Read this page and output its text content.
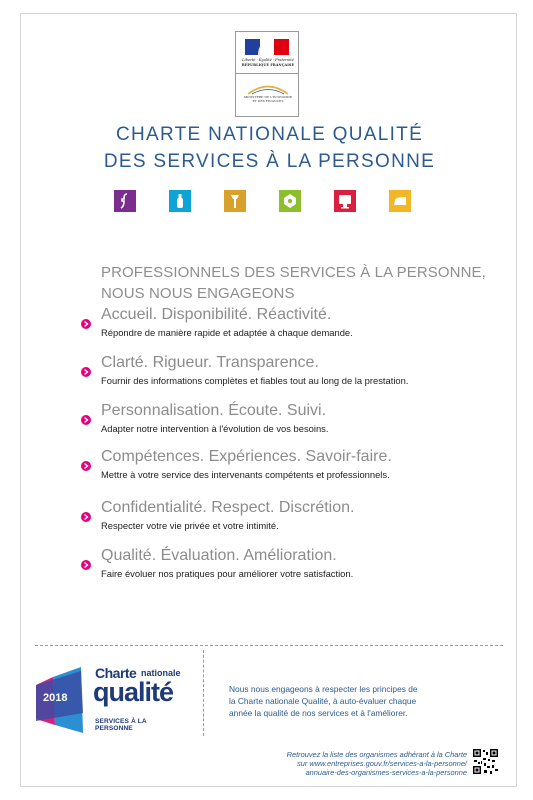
Liberté · Égalité · Fraternité
RÉPUBLIQUE FRANÇAISE
MINISTÈRE DE L'ÉCONOMIE
ET DES FINANCES
CHARTE NATIONALE QUALITÉ
DES SERVICES À LA PERSONNE
PROFESSIONNELS DES SERVICES À LA PERSONNE,
NOUS NOUS ENGAGEONS
Accueil. Disponibilité. Réactivité.
Répondre de manière rapide et adaptée à chaque demande.
Clarté. Rigueur. Transparence.
Fournir des informations complètes et fiables tout au long de la prestation.
Personnalisation. Écoute. Suivi.
Adapter notre intervention à l'évolution de vos besoins.
Compétences. Expériences. Savoir-faire.
Mettre à votre service des intervenants compétents et professionnels.
Confidentialité. Respect. Discrétion.
Respecter votre vie privée et votre intimité.
Qualité. Évaluation. Amélioration.
Faire évoluer nos pratiques pour améliorer votre satisfaction.
2018
Charte nationale
qualité
SERVICES À LA PERSONNE
Nous nous engageons à respecter les principes de
la Charte nationale Qualité, à auto-évaluer chaque
année la qualité de nos services et à l'améliorer.
Retrouvez la liste des organismes adhérant à la Charte
sur www.entreprises.gouv.fr/services-a-la-personne/
annuaire-des-organismes-services-a-la-personne
